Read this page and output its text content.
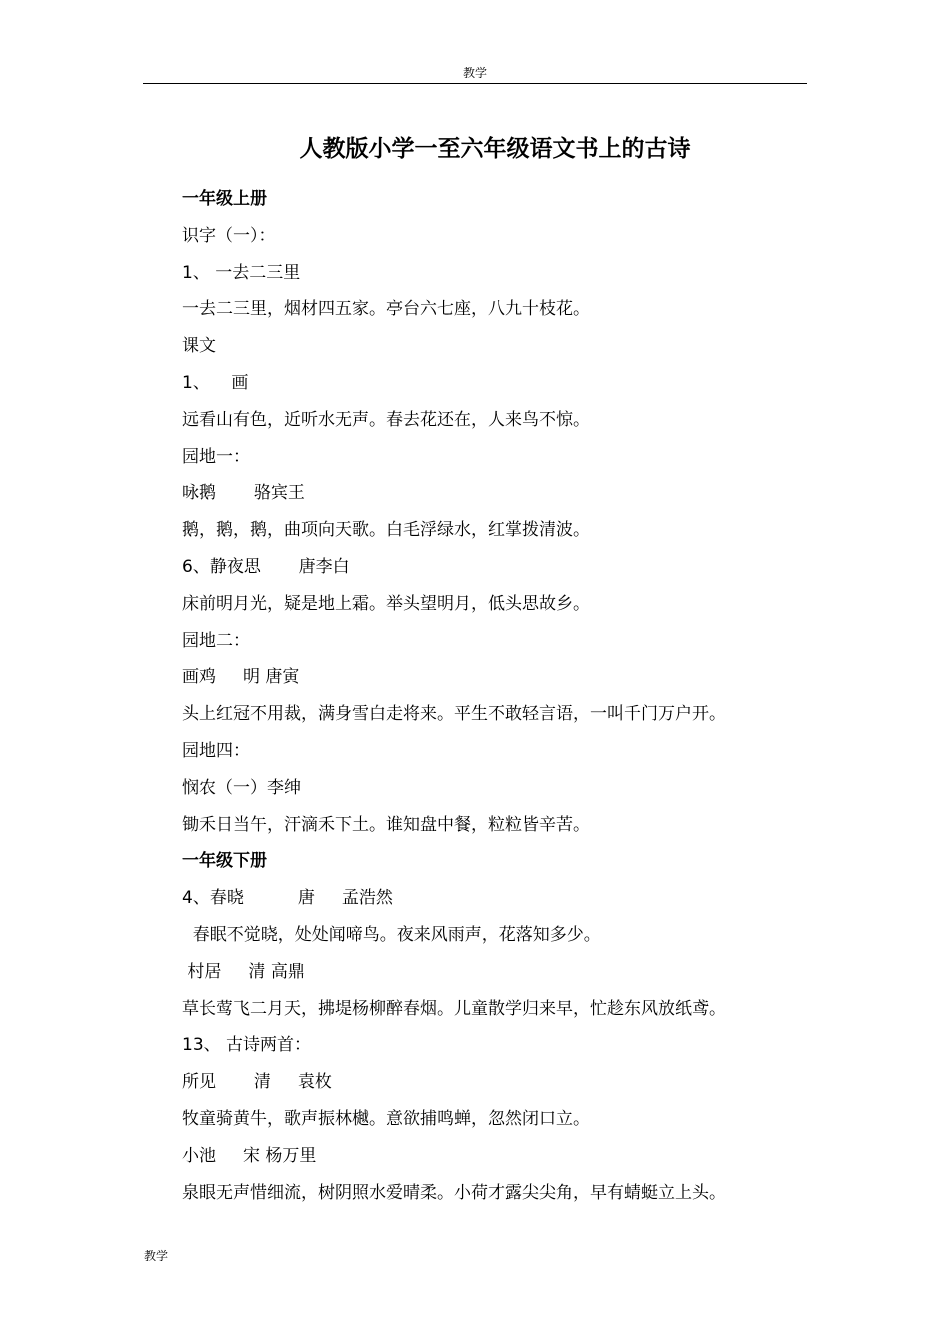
教学
人教版小学一至六年级语文书上的古诗
一年级上册
识字（一）：
1、 一去二三里
一去二三里，烟材四五家。亭台六七座，八九十枝花。
课文
1、    画
远看山有色，近听水无声。春去花还在，人来鸟不惊。
园地一：
咏鹅       骆宾王
鹅，鹅，鹅，曲项向天歌。白毛浮绿水，红掌拨清波。
6、静夜思       唐李白
床前明月光，疑是地上霜。举头望明月，低头思故乡。
园地二：
画鸡     明 唐寅
头上红冠不用裁，满身雪白走将来。平生不敢轻言语，一叫千门万户开。
园地四：
悯农（一）李绅
锄禾日当午，汗滴禾下土。谁知盘中餐，粒粒皆辛苦。
一年级下册
4、春晓          唐     孟浩然
春眠不觉晓，处处闻啼鸟。夜来风雨声，花落知多少。
村居     清 高鼎
草长莺飞二月天，拂堤杨柳醉春烟。儿童散学归来早，忙趁东风放纸鸢。
13、 古诗两首：
所见       清     袁枚
牧童骑黄牛，歌声振林樾。意欲捕鸣蝉，忽然闭口立。
小池     宋 杨万里
泉眼无声惜细流，树阴照水爱晴柔。小荷才露尖尖角，早有蜻蜓立上头。
教学
